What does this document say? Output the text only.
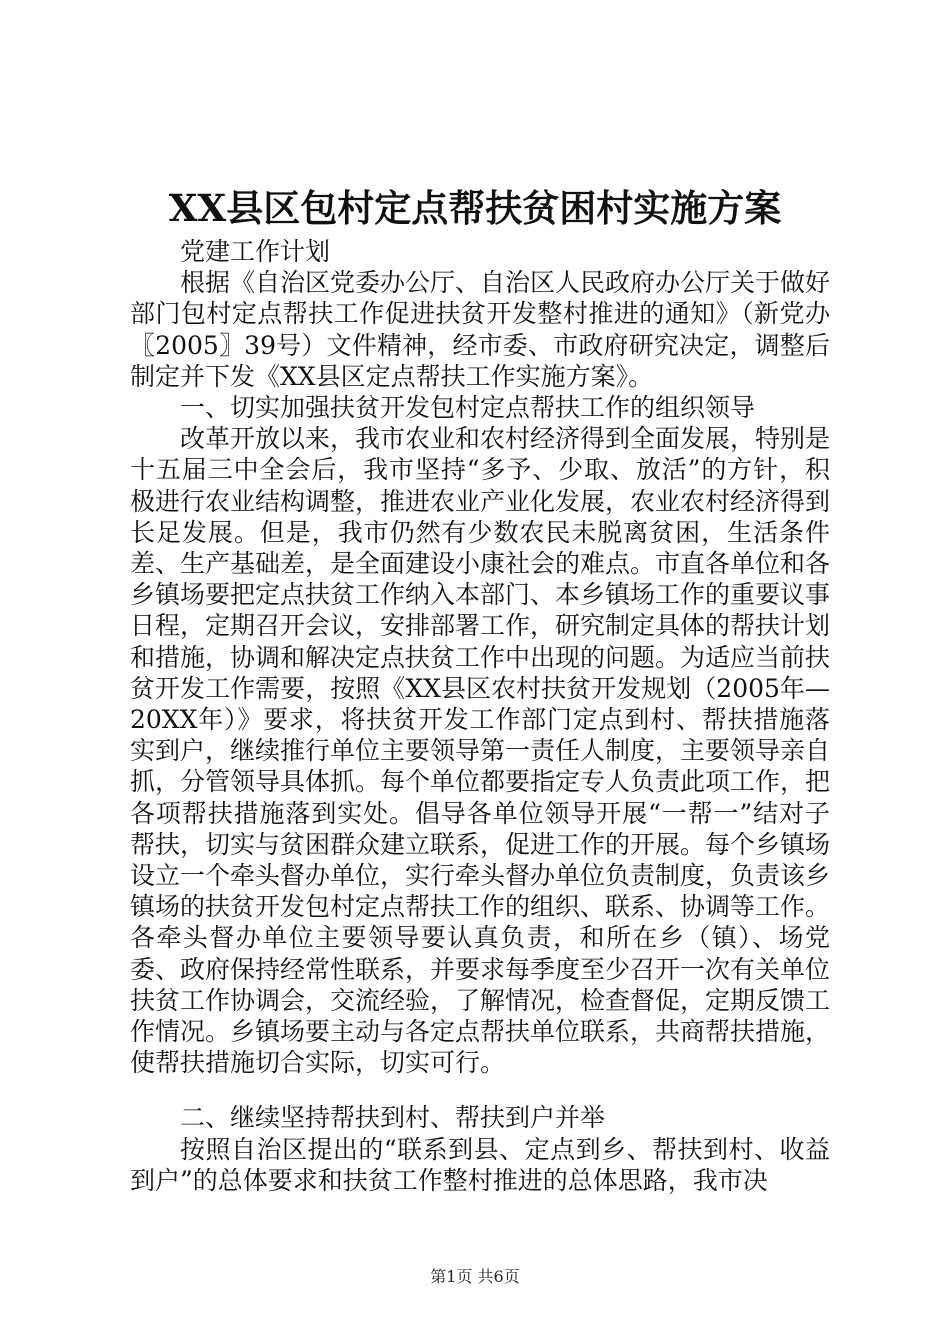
XX县区包村定点帮扶贫困村实施方案

党建工作计划

根据《自治区党委办公厅、自治区人民政府办公厅关于做好部门包村定点帮扶工作促进扶贫开发整村推进的通知》（新党办〖2005〗39号）文件精神，经市委、市政府研究决定，调整后制定并下发《XX县区定点帮扶工作实施方案》。

一、切实加强扶贫开发包村定点帮扶工作的组织领导

改革开放以来，我市农业和农村经济得到全面发展，特别是十五届三中全会后，我市坚持“多予、少取、放活”的方针，积极进行农业结构调整，推进农业产业化发展，农业农村经济得到长足发展。但是，我市仍然有少数农民未脱离贫困，生活条件差、生产基础差，是全面建设小康社会的难点。市直各单位和各乡镇场要把定点扶贫工作纳入本部门、本乡镇场工作的重要议事日程，定期召开会议，安排部署工作，研究制定具体的帮扶计划和措施，协调和解决定点扶贫工作中出现的问题。为适应当前扶贫开发工作需要，按照《XX县区农村扶贫开发规划（2005年—20XX年）》要求，将扶贫开发工作部门定点到村、帮扶措施落实到户，继续推行单位主要领导第一责任人制度，主要领导亲自抓，分管领导具体抓。每个单位都要指定专人负责此项工作，把各项帮扶措施落到实处。倡导各单位领导开展“一帮一”结对子帮扶，切实与贫困群众建立联系，促进工作的开展。每个乡镇场设立一个牵头督办单位，实行牵头督办单位负责制度，负责该乡镇场的扶贫开发包村定点帮扶工作的组织、联系、协调等工作。各牵头督办单位主要领导要认真负责，和所在乡（镇）、场党委、政府保持经常性联系，并要求每季度至少召开一次有关单位扶贫工作协调会，交流经验，了解情况，检查督促，定期反馈工作情况。乡镇场要主动与各定点帮扶单位联系，共商帮扶措施，使帮扶措施切合实际，切实可行。

二、继续坚持帮扶到村、帮扶到户并举

按照自治区提出的“联系到县、定点到乡、帮扶到村、收益到户”的总体要求和扶贫工作整村推进的总体思路，我市决

第1页 共6页
